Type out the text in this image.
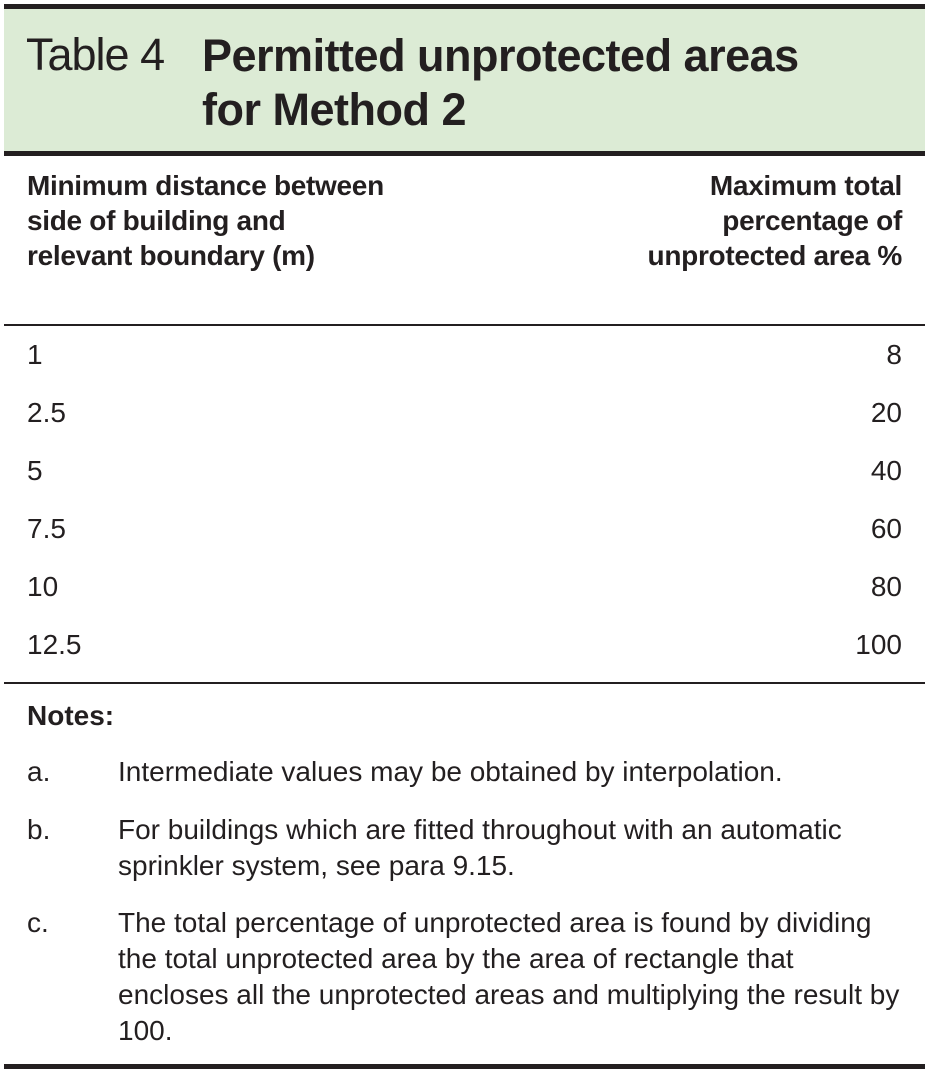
Table 4 Permitted unprotected areas for Method 2
Minimum distance between side of building and relevant boundary (m)
Maximum total percentage of unprotected area %
1	8
2.5	20
5	40
7.5	60
10	80
12.5	100
Notes:
a. Intermediate values may be obtained by interpolation.
b. For buildings which are fitted throughout with an automatic sprinkler system, see para 9.15.
c. The total percentage of unprotected area is found by dividing the total unprotected area by the area of rectangle that encloses all the unprotected areas and multiplying the result by 100.
